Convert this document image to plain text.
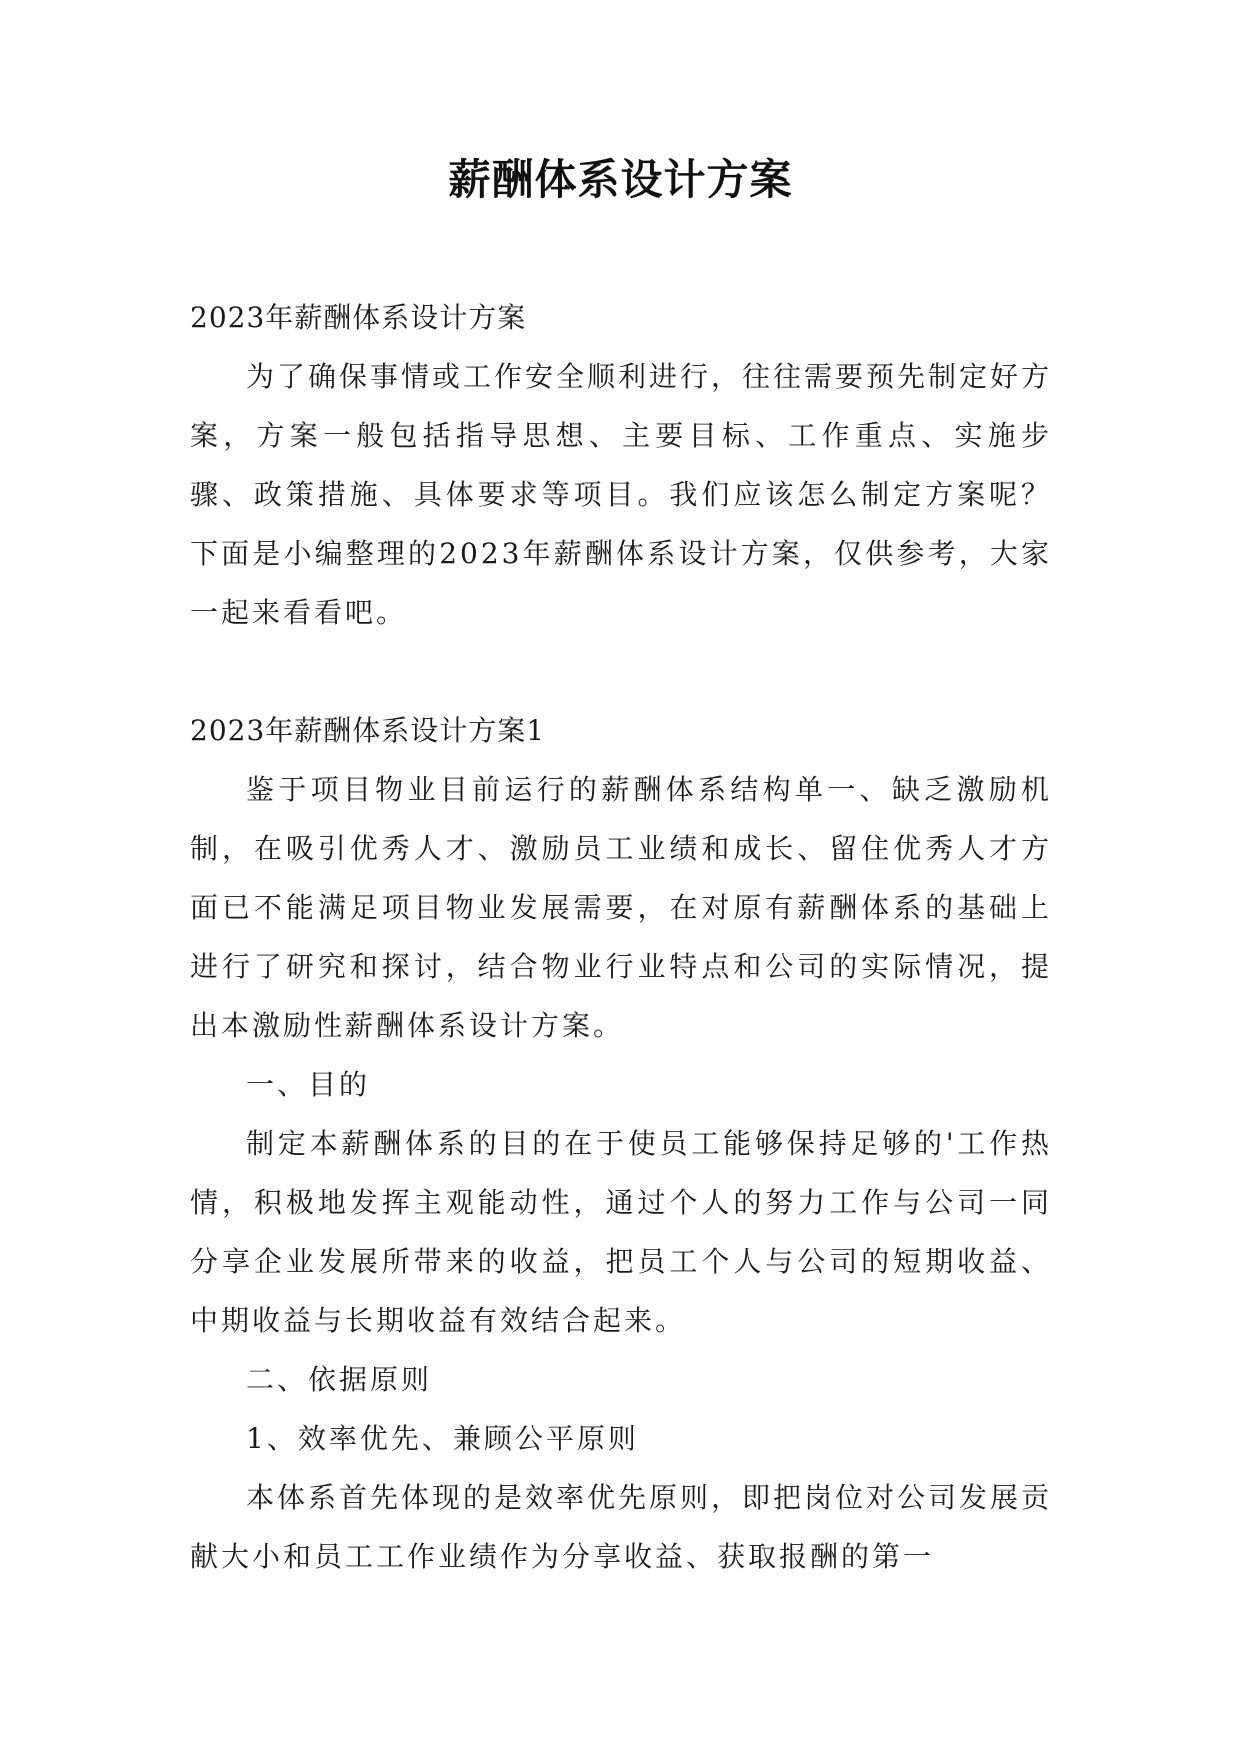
薪酬体系设计方案

2023年薪酬体系设计方案

为了确保事情或工作安全顺利进行，往往需要预先制定好方案，方案一般包括指导思想、主要目标、工作重点、实施步骤、政策措施、具体要求等项目。我们应该怎么制定方案呢？下面是小编整理的2023年薪酬体系设计方案，仅供参考，大家一起来看看吧。

2023年薪酬体系设计方案1

鉴于项目物业目前运行的薪酬体系结构单一、缺乏激励机制，在吸引优秀人才、激励员工业绩和成长、留住优秀人才方面已不能满足项目物业发展需要，在对原有薪酬体系的基础上进行了研究和探讨，结合物业行业特点和公司的实际情况，提出本激励性薪酬体系设计方案。

一、目的

制定本薪酬体系的目的在于使员工能够保持足够的'工作热情，积极地发挥主观能动性，通过个人的努力工作与公司一同分享企业发展所带来的收益，把员工个人与公司的短期收益、中期收益与长期收益有效结合起来。

二、依据原则

1、效率优先、兼顾公平原则

本体系首先体现的是效率优先原则，即把岗位对公司发展贡献大小和员工工作业绩作为分享收益、获取报酬的第一
